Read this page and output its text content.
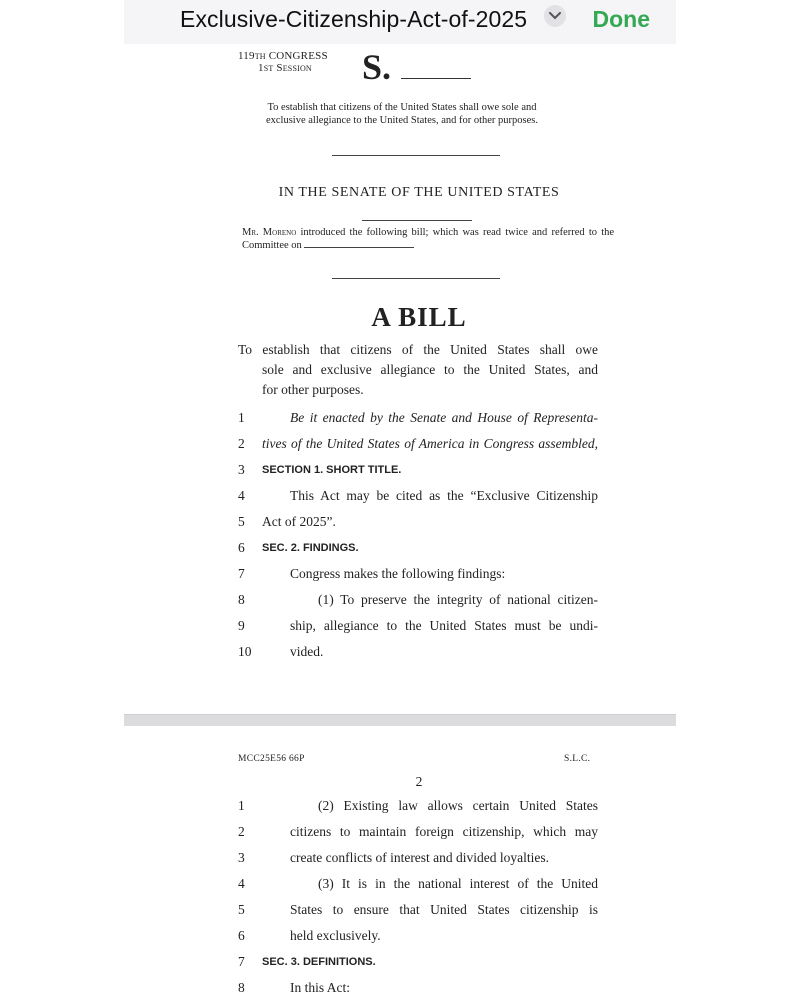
Exclusive-Citizenship-Act-of-2025	Done
119th CONGRESS
1st Session	S.
To establish that citizens of the United States shall owe sole and exclusive allegiance to the United States, and for other purposes.
IN THE SENATE OF THE UNITED STATES
Mr. Moreno introduced the following bill; which was read twice and referred to the Committee on
A BILL
To establish that citizens of the United States shall owe
sole and exclusive allegiance to the United States, and
for other purposes.
1	Be it enacted by the Senate and House of Representa-
2	tives of the United States of America in Congress assembled,
3	SECTION 1. SHORT TITLE.
4	This Act may be cited as the “Exclusive Citizenship
5	Act of 2025”.
6	SEC. 2. FINDINGS.
7	Congress makes the following findings:
8	(1) To preserve the integrity of national citizen-
9	ship, allegiance to the United States must be undi-
10	vided.
MCC25E56 66P	S.L.C.
2
1	(2) Existing law allows certain United States
2	citizens to maintain foreign citizenship, which may
3	create conflicts of interest and divided loyalties.
4	(3) It is in the national interest of the United
5	States to ensure that United States citizenship is
6	held exclusively.
7	SEC. 3. DEFINITIONS.
8	In this Act:
